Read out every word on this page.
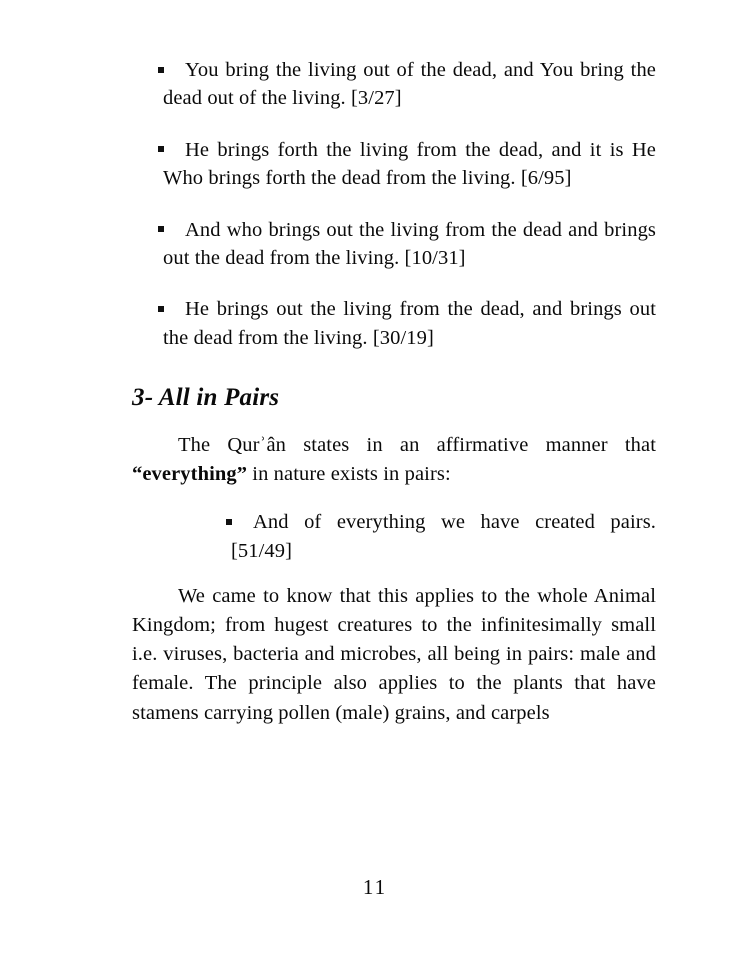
You bring the living out of the dead, and You bring the dead out of the living. [3/27]
He brings forth the living from the dead, and it is He Who brings forth the dead from the living. [6/95]
And who brings out the living from the dead and brings out the dead from the living. [10/31]
He brings out the living from the dead, and brings out the dead from the living. [30/19]
3- All in Pairs

The Qurʾân states in an affirmative manner that “everything” in nature exists in pairs:

And of everything we have created pairs. [51/49]

We came to know that this applies to the whole Animal Kingdom; from hugest creatures to the infinitesimally small i.e. viruses, bacteria and microbes, all being in pairs: male and female. The principle also applies to the plants that have stamens carrying pollen (male) grains, and carpels

11
